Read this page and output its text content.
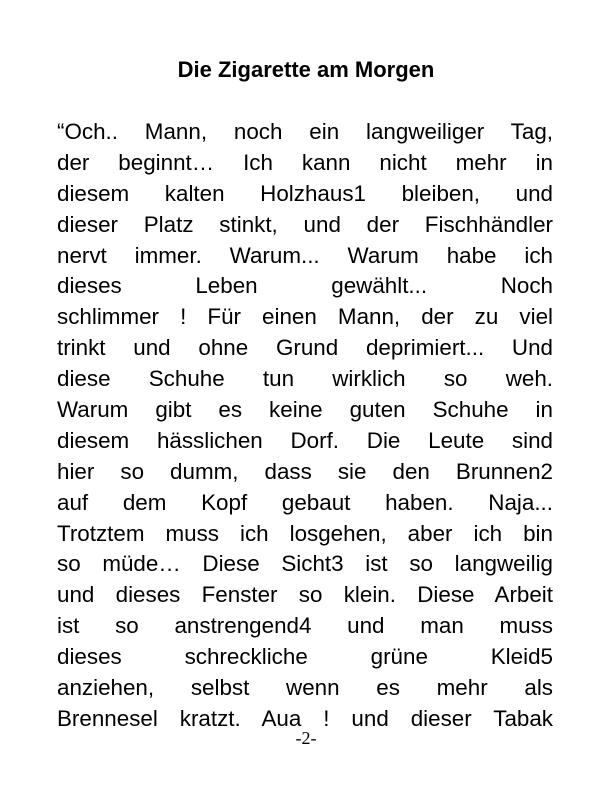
Die Zigarette am Morgen
“Och.. Mann, noch ein langweiliger Tag,
der beginnt… Ich kann nicht mehr in
diesem kalten Holzhaus1 bleiben, und
dieser Platz stinkt, und der Fischhändler
nervt immer. Warum... Warum habe ich
dieses Leben gewählt... Noch
schlimmer ! Für einen Mann, der zu viel
trinkt und ohne Grund deprimiert... Und
diese Schuhe tun wirklich so weh.
Warum gibt es keine guten Schuhe in
diesem hässlichen Dorf. Die Leute sind
hier so dumm, dass sie den Brunnen2
auf dem Kopf gebaut haben. Naja...
Trotztem muss ich losgehen, aber ich bin
so müde… Diese Sicht3 ist so langweilig
und dieses Fenster so klein. Diese Arbeit
ist so anstrengend4 und man muss
dieses schreckliche grüne Kleid5
anziehen, selbst wenn es mehr als
Brennesel kratzt. Aua ! und dieser Tabak
-2-
